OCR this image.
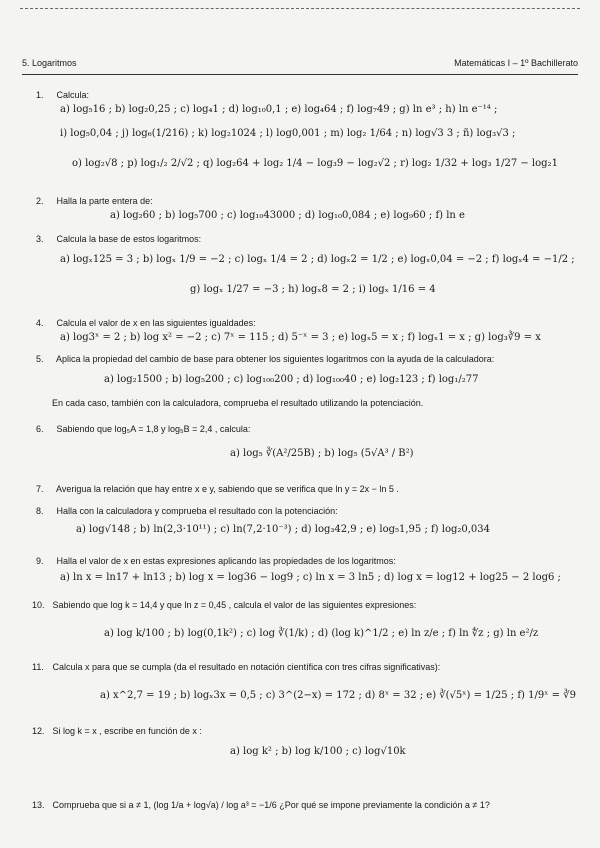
5. Logaritmos	Matemáticas I – 1º Bachillerato
1. Calcula:
a) log₅16 ; b) log₂0,25 ; c) log₄1 ; d) log₁₀0,1 ; e) log₄64 ; f) log₇49 ; g) ln e³ ; h) ln e⁻¹⁴ ;
i) log₅0,04 ; j) log₆(1/216) ; k) log₂1024 ; l) log0,001 ; m) log₂ 1/64 ; n) log√3 3 ; ñ) log₃√3 ;
o) log₂√8 ; p) log₁/₂ 2/√2 ; q) log₂64 + log₂ 1/4 − log₃9 − log₂√2 ; r) log₂ 1/32 + log₃ 1/27 − log₂1
2. Halla la parte entera de:
a) log₂60 ; b) log₅700 ; c) log₁₀43000 ; d) log₁₀0,084 ; e) log₉60 ; f) ln e
3. Calcula la base de estos logaritmos:
a) logₓ125 = 3 ; b) logₓ 1/9 = −2 ; c) logₓ 1/4 = 2 ; d) logₓ2 = 1/2 ; e) logₓ0,04 = −2 ; f) logₓ4 = −1/2 ;
g) logₓ 1/27 = −3 ; h) logₓ8 = 2 ; i) logₓ 1/16 = 4
4. Calcula el valor de x en las siguientes igualdades:
a) log3ˣ = 2 ; b) log x² = −2 ; c) 7ˣ = 115 ; d) 5⁻ˣ = 3 ; e) logₓ5 = x ; f) logₓ1 = x ; g) log₃∛9 = x
5. Aplica la propiedad del cambio de base para obtener los siguientes logaritmos con la ayuda de la calculadora:
a) log₂1500 ; b) log₅200 ; c) log₁₀₀200 ; d) log₁₀₀40 ; e) log₂123 ; f) log₁/₂77
En cada caso, también con la calculadora, comprueba el resultado utilizando la potenciación.
6. Sabiendo que log₅A = 1,8 y log₅B = 2,4 , calcula:
a) log₅ ∛(A²/25B) ; b) log₅ (5√A³ / B²)
7. Averigua la relación que hay entre x e y, sabiendo que se verifica que ln y = 2x − ln 5 .
8. Halla con la calculadora y comprueba el resultado con la potenciación:
a) log√148 ; b) ln(2,3·10¹¹) ; c) ln(7,2·10⁻³) ; d) log₃42,9 ; e) log₅1,95 ; f) log₂0,034
9. Halla el valor de x en estas expresiones aplicando las propiedades de los logaritmos:
a) ln x = ln17 + ln13 ; b) log x = log36 − log9 ; c) ln x = 3 ln5 ; d) log x = log12 + log25 − 2 log6 ;
10. Sabiendo que log k = 14,4 y que ln z = 0,45 , calcula el valor de las siguientes expresiones:
a) log k/100 ; b) log(0,1k²) ; c) log ∛(1/k) ; d) (log k)^1/2 ; e) ln z/e ; f) ln ∜z ; g) ln e²/z
11. Calcula x para que se cumpla (da el resultado en notación científica con tres cifras significativas):
a) x^2,7 = 19 ; b) logₓ3x = 0,5 ; c) 3^(2−x) = 172 ; d) 8ˣ = 32 ; e) ∛(√5ˣ) = 1/25 ; f) 1/9ˣ = ∛9
12. Si log k = x , escribe en función de x :
a) log k² ; b) log k/100 ; c) log√10k
13. Comprueba que si a ≠ 1, (log 1/a + log√a) / log a³ = −1/6 ¿Por qué se impone previamente la condición a ≠ 1?
